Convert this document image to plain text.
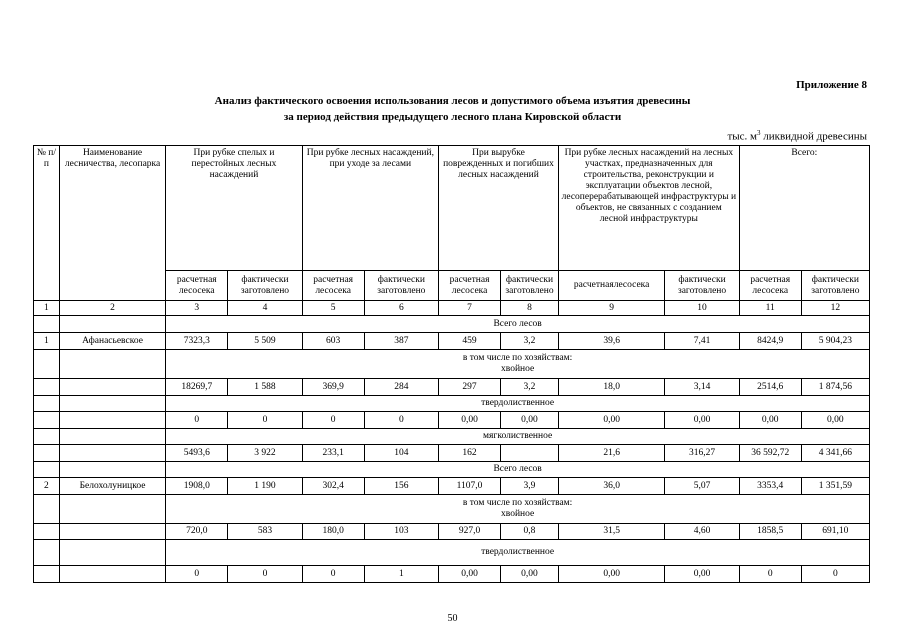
Приложение 8
Анализ фактического освоения использования лесов и допустимого объема изъятия древесины
за период действия предыдущего лесного плана Кировской области
тыс. $м^3$ ликвидной древесины
№ п/п	Наименование лесничества, лесопарка	При рубке спелых и перестойных лесных насаждений		При рубке лесных насаждений, при уходе за лесами		При вырубке поврежденных и погибших лесных насаждений		При рубке лесных насаждений на лесных участках, предназначенных для строительства, реконструкции и эксплуатации объектов лесной, лесоперерабатывающей инфраструктуры и объектов, не связанных с созданием лесной инфраструктуры		Всего:	
		расчетная лесосека	фактически заготовлено	расчетная лесосека	фактически заготовлено	расчетная лесосека	фактически заготовлено	расчетнаялесосека	фактически заготовлено	расчетная лесосека	фактически заготовлено
1	2	3	4	5	6	7	8	9	10	11	12

		Всего лесов									

1	Афанасьевское	7323,3	5 509	603	387	459	3,2	39,6	7,41	8424,9	5 904,23

		в том числе по хозяйствам:
хвойное									

		18269,7	1 588	369,9	284	297	3,2	18,0	3,14	2514,6	1 874,56

		твердолиственное									

		0	0	0	0	0,00	0,00	0,00	0,00	0,00	0,00

		мягколиственное									

		5493,6	3 922	233,1	104	162		21,6	316,27	36 592,72	4 341,66

		Всего лесов									

2	Белохолуницкое	1908,0	1 190	302,4	156	1107,0	3,9	36,0	5,07	3353,4	1 351,59

		в том числе по хозяйствам:
хвойное									

		720,0	583	180,0	103	927,0	0,8	31,5	4,60	1858,5	691,10

		твердолиственное									

		0	0	0	1	0,00	0,00	0,00	0,00	0	0
50
